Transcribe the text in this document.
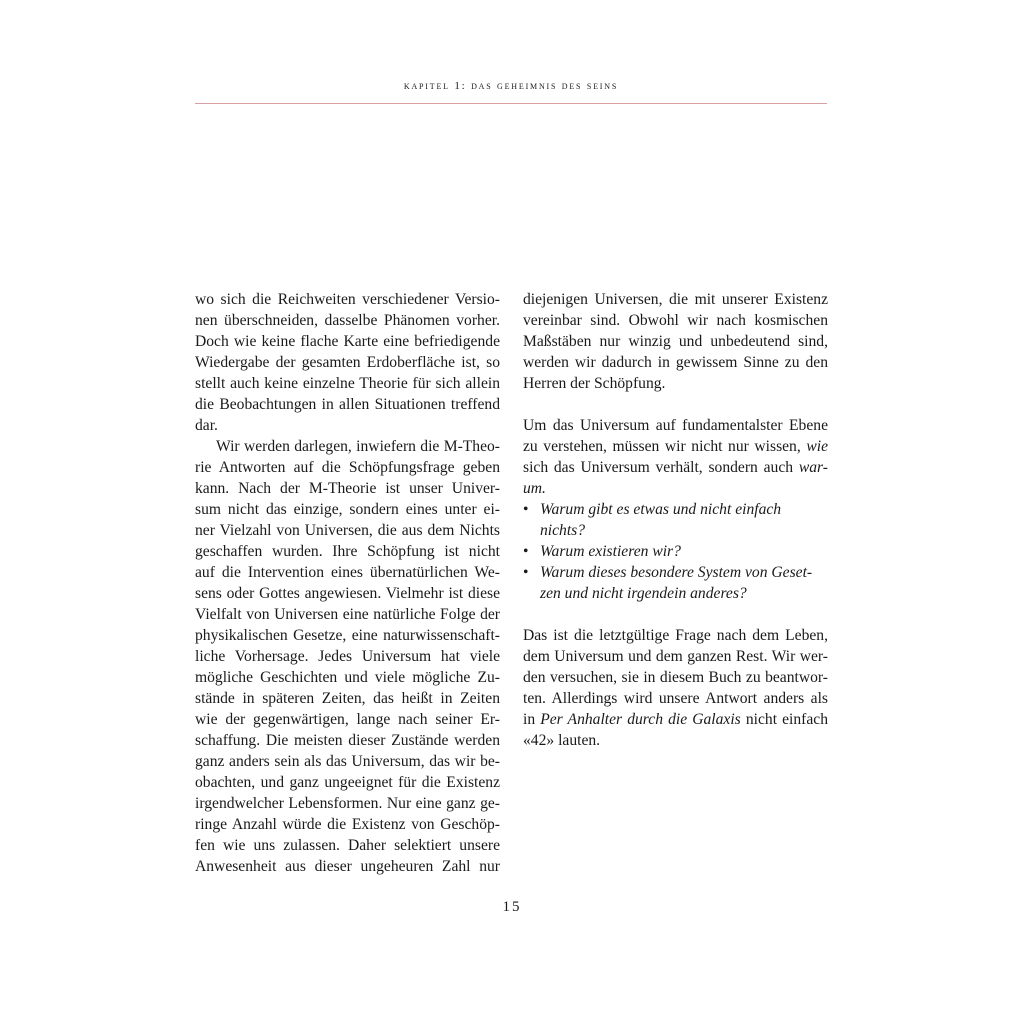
kapitel 1: das geheimnis des seins
wo sich die Reichweiten verschiedener Versio-
nen überschneiden, dasselbe Phänomen vorher.
Doch wie keine flache Karte eine befriedigende
Wiedergabe der gesamten Erdoberfläche ist, so
stellt auch keine einzelne Theorie für sich allein
die Beobachtungen in allen Situationen treffend
dar.
Wir werden darlegen, inwiefern die M-Theo-
rie Antworten auf die Schöpfungsfrage geben
kann. Nach der M-Theorie ist unser Univer-
sum nicht das einzige, sondern eines unter ei-
ner Vielzahl von Universen, die aus dem Nichts
geschaffen wurden. Ihre Schöpfung ist nicht
auf die Intervention eines übernatürlichen We-
sens oder Gottes angewiesen. Vielmehr ist diese
Vielfalt von Universen eine natürliche Folge der
physikalischen Gesetze, eine naturwissenschaft-
liche Vorhersage. Jedes Universum hat viele
mögliche Geschichten und viele mögliche Zu-
stände in späteren Zeiten, das heißt in Zeiten
wie der gegenwärtigen, lange nach seiner Er-
schaffung. Die meisten dieser Zustände werden
ganz anders sein als das Universum, das wir be-
obachten, und ganz ungeeignet für die Existenz
irgendwelcher Lebensformen. Nur eine ganz ge-
ringe Anzahl würde die Existenz von Geschöp-
fen wie uns zulassen. Daher selektiert unsere
Anwesenheit aus dieser ungeheuren Zahl nur
diejenigen Universen, die mit unserer Existenz
vereinbar sind. Obwohl wir nach kosmischen
Maßstäben nur winzig und unbedeutend sind,
werden wir dadurch in gewissem Sinne zu den
Herren der Schöpfung.
Um das Universum auf fundamentalster Ebene
zu verstehen, müssen wir nicht nur wissen, wie
sich das Universum verhält, sondern auch war-
um.
• Warum gibt es etwas und nicht einfach
nichts?
• Warum existieren wir?
• Warum dieses besondere System von Geset-
zen und nicht irgendein anderes?
Das ist die letztgültige Frage nach dem Leben,
dem Universum und dem ganzen Rest. Wir wer-
den versuchen, sie in diesem Buch zu beantwor-
ten. Allerdings wird unsere Antwort anders als
in Per Anhalter durch die Galaxis nicht einfach
«42» lauten.
15
